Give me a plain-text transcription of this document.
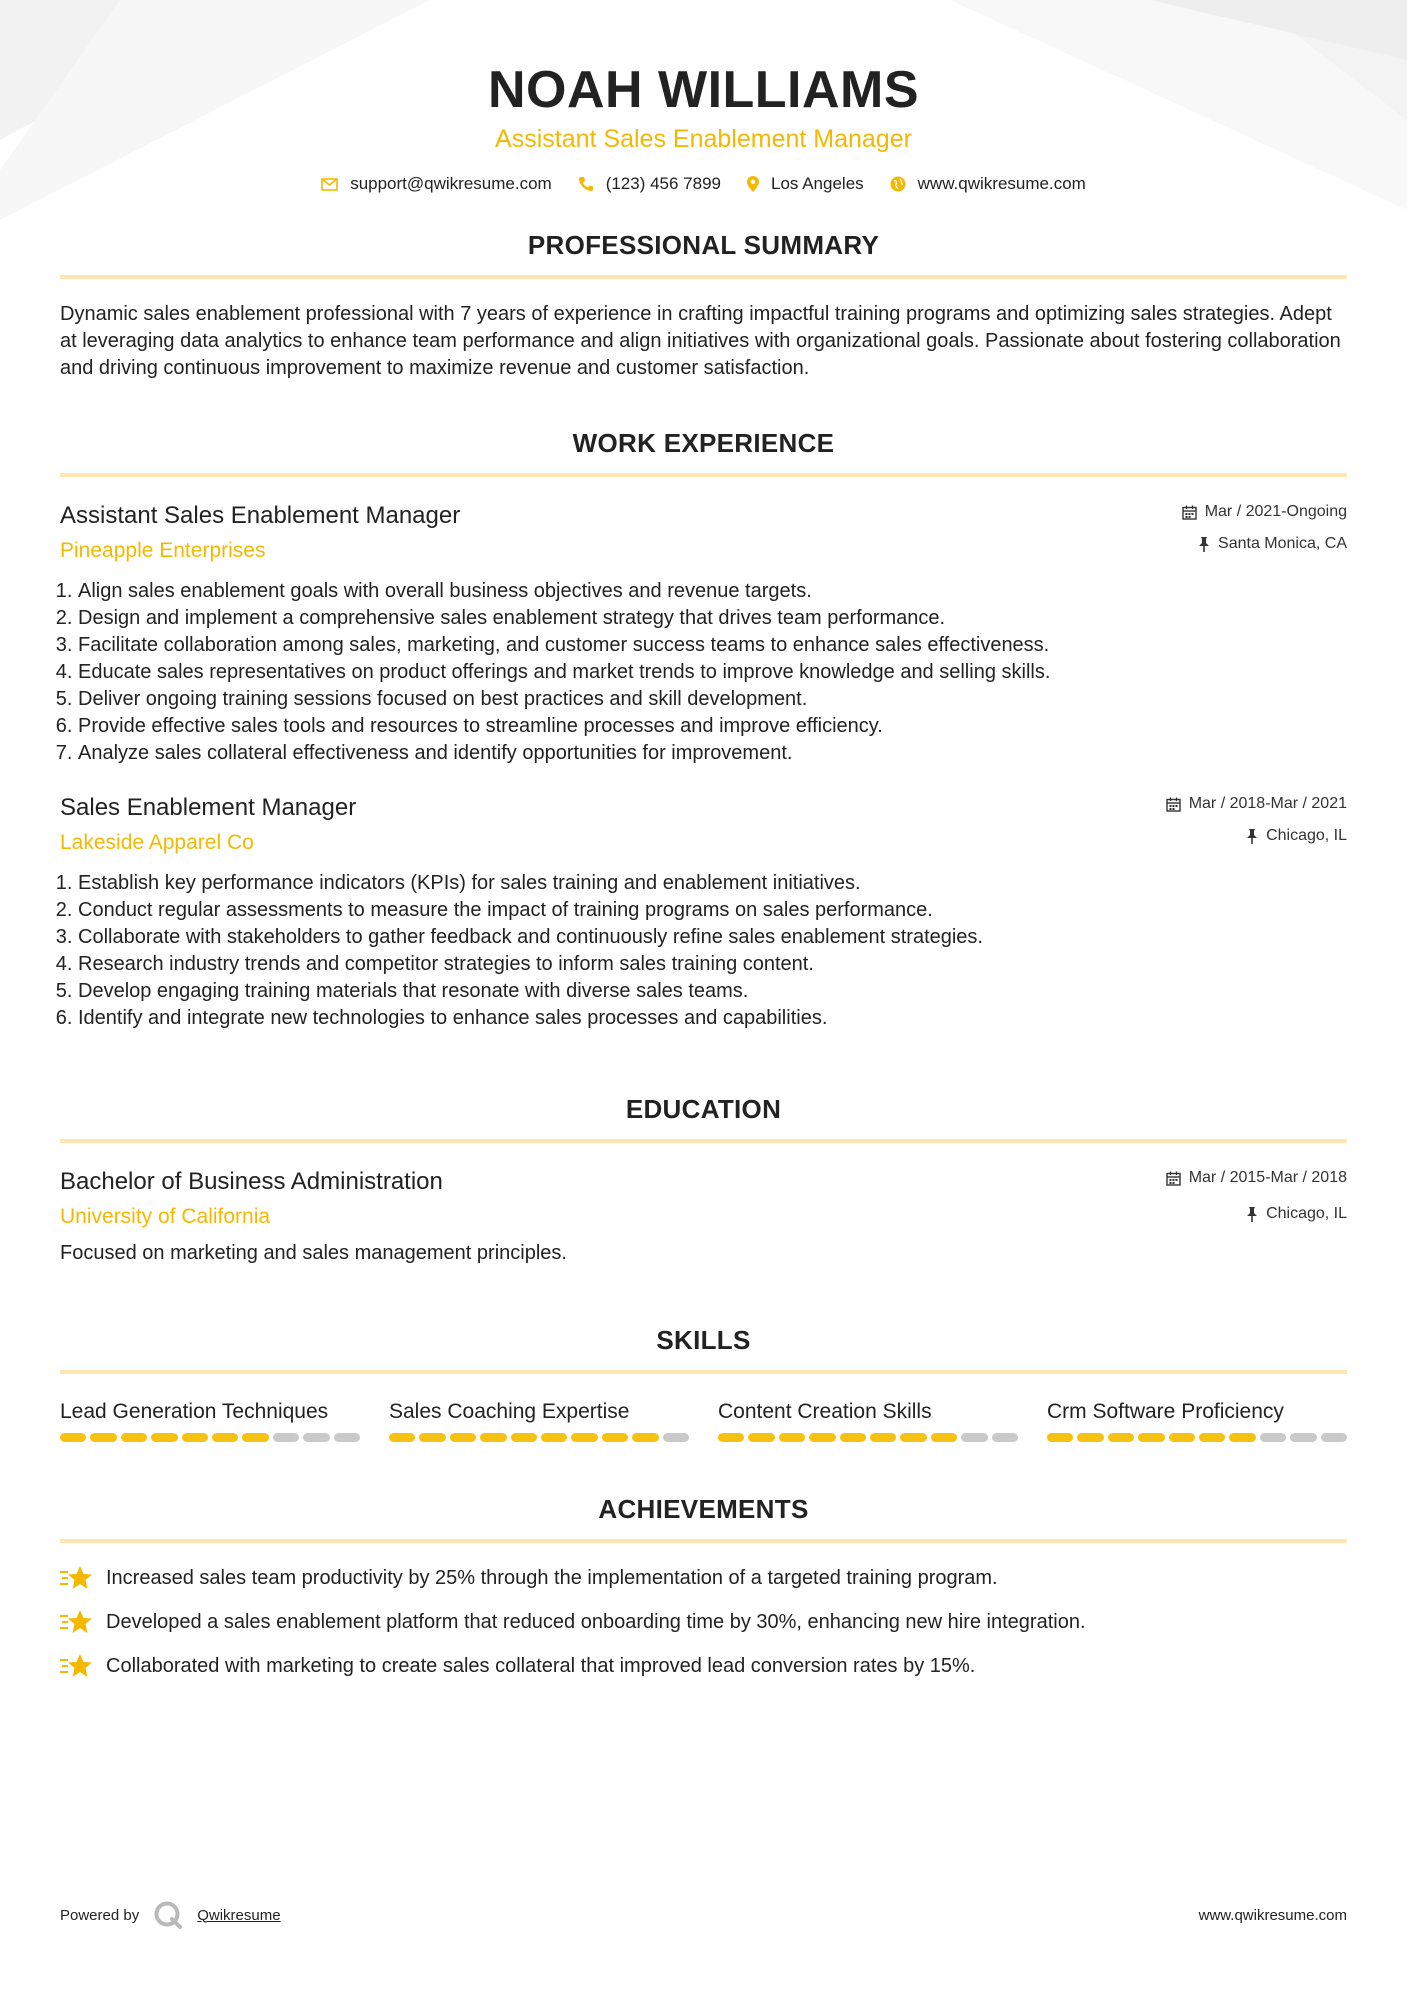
NOAH WILLIAMS
Assistant Sales Enablement Manager
support@qwikresume.com	(123) 456 7899	Los Angeles	www.qwikresume.com
PROFESSIONAL SUMMARY

Dynamic sales enablement professional with 7 years of experience in crafting impactful training programs and optimizing sales strategies. Adept at leveraging data analytics to enhance team performance and align initiatives with organizational goals. Passionate about fostering collaboration and driving continuous improvement to maximize revenue and customer satisfaction.

WORK EXPERIENCE
Assistant Sales Enablement Manager
Pineapple Enterprises
Mar / 2021-Ongoing
Santa Monica, CA
1. Align sales enablement goals with overall business objectives and revenue targets.
2. Design and implement a comprehensive sales enablement strategy that drives team performance.
3. Facilitate collaboration among sales, marketing, and customer success teams to enhance sales effectiveness.
4. Educate sales representatives on product offerings and market trends to improve knowledge and selling skills.
5. Deliver ongoing training sessions focused on best practices and skill development.
6. Provide effective sales tools and resources to streamline processes and improve efficiency.
7. Analyze sales collateral effectiveness and identify opportunities for improvement.
Sales Enablement Manager
Lakeside Apparel Co
Mar / 2018-Mar / 2021
Chicago, IL
1. Establish key performance indicators (KPIs) for sales training and enablement initiatives.
2. Conduct regular assessments to measure the impact of training programs on sales performance.
3. Collaborate with stakeholders to gather feedback and continuously refine sales enablement strategies.
4. Research industry trends and competitor strategies to inform sales training content.
5. Develop engaging training materials that resonate with diverse sales teams.
6. Identify and integrate new technologies to enhance sales processes and capabilities.
EDUCATION
Bachelor of Business Administration
University of California
Mar / 2015-Mar / 2018
Chicago, IL

Focused on marketing and sales management principles.

SKILLS
Lead Generation Techniques	Sales Coaching Expertise	Content Creation Skills	Crm Software Proficiency
ACHIEVEMENTS
Increased sales team productivity by 25% through the implementation of a targeted training program.
Developed a sales enablement platform that reduced onboarding time by 30%, enhancing new hire integration.
Collaborated with marketing to create sales collateral that improved lead conversion rates by 15%.
Powered by	Qwikresume	www.qwikresume.com
